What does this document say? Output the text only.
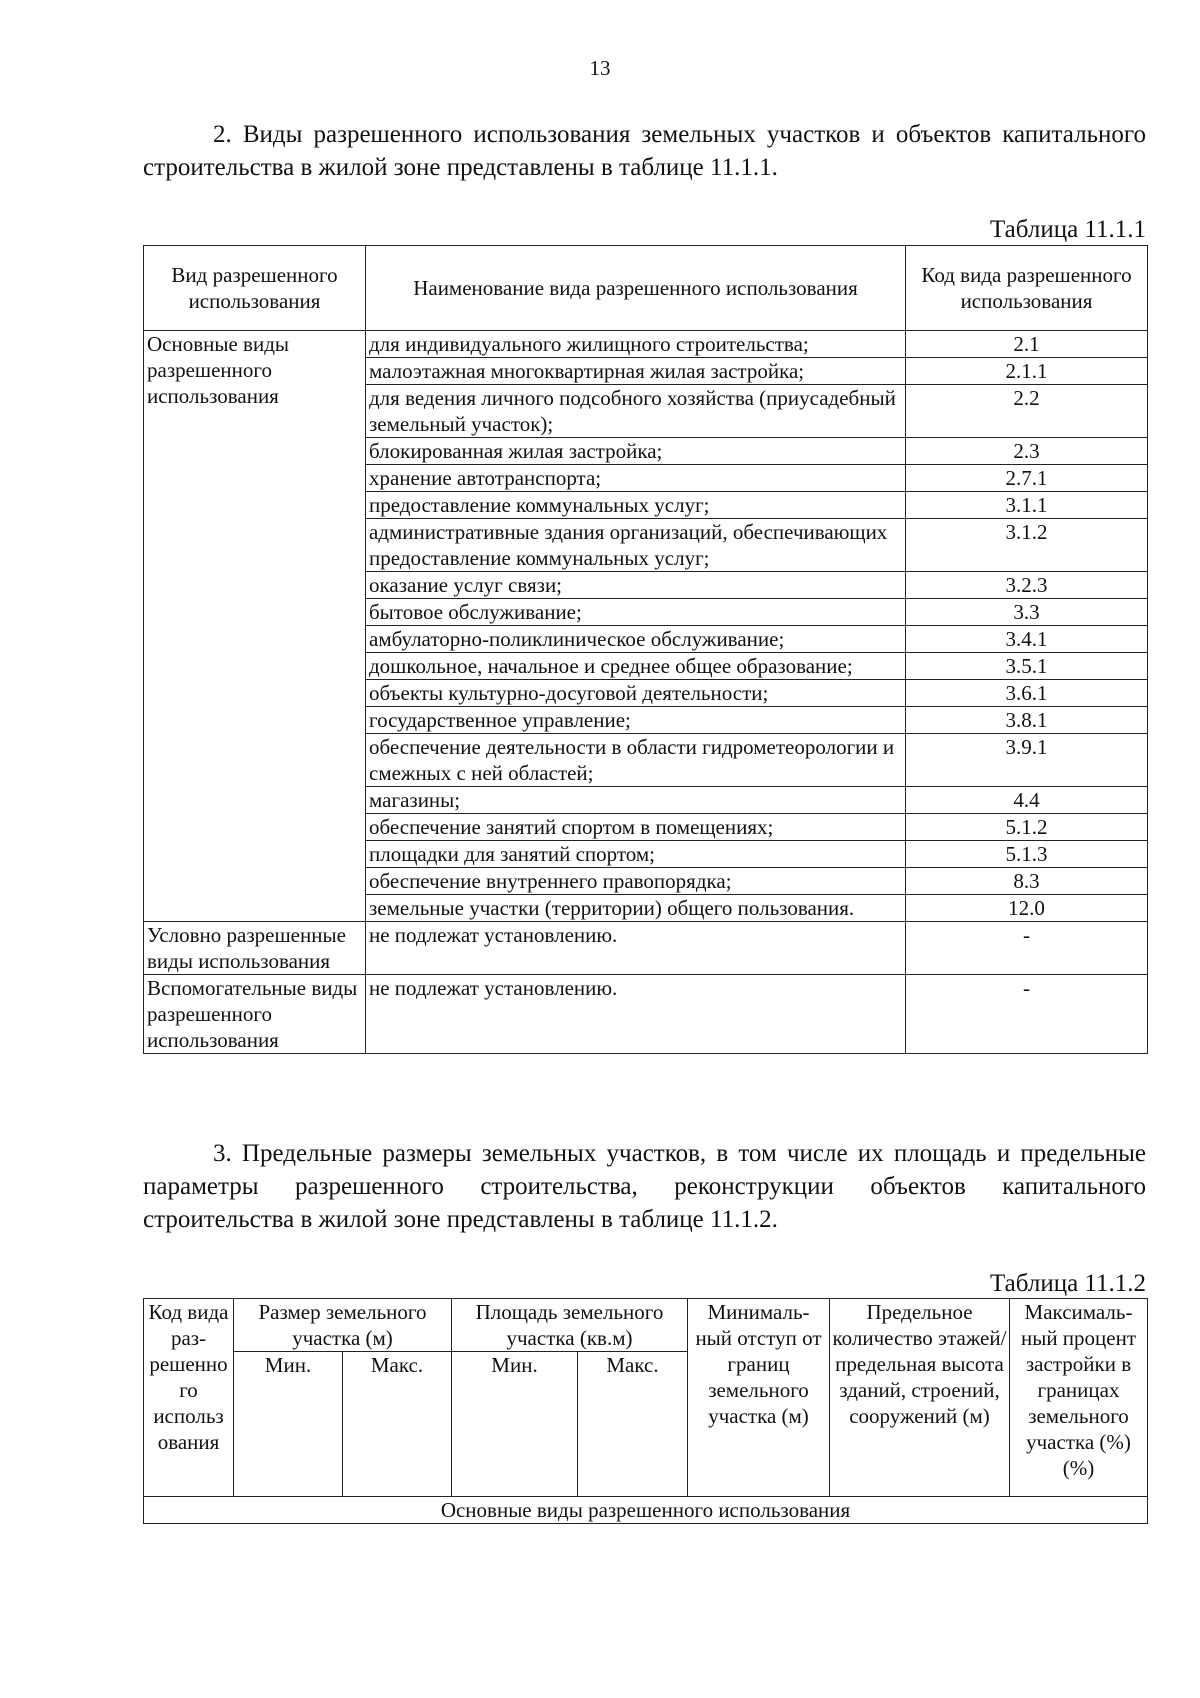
13
2. Виды разрешенного использования земельных участков и объектов капитального строительства в жилой зоне представлены в таблице 11.1.1.
Таблица 11.1.1
Вид разрешенного использования	Наименование вида разрешенного использования	Код вида разрешенного использования
Основные виды разрешенного использования	для индивидуального жилищного строительства;	2.1
	малоэтажная многоквартирная жилая застройка;	2.1.1
	для ведения личного подсобного хозяйства (приусадебный земельный участок);	2.2
	блокированная жилая застройка;	2.3
	хранение автотранспорта;	2.7.1
	предоставление коммунальных услуг;	3.1.1
	административные здания организаций, обеспечивающих предоставление коммунальных услуг;	3.1.2
	оказание услуг связи;	3.2.3
	бытовое обслуживание;	3.3
	амбулаторно-поликлиническое обслуживание;	3.4.1
	дошкольное, начальное и среднее общее образование;	3.5.1
	объекты культурно-досуговой деятельности;	3.6.1
	государственное управление;	3.8.1
	обеспечение деятельности в области гидрометеорологии и смежных с ней областей;	3.9.1
	магазины;	4.4
	обеспечение занятий спортом в помещениях;	5.1.2
	площадки для занятий спортом;	5.1.3
	обеспечение внутреннего правопорядка;	8.3
	земельные участки (территории) общего пользования.	12.0
Условно разрешенные виды использования	не подлежат установлению.	-
Вспомогательные виды разрешенного использования	не подлежат установлению.	-
3. Предельные размеры земельных участков, в том числе их площадь и предельные параметры разрешенного строительства, реконструкции объектов капитального строительства в жилой зоне представлены в таблице 11.1.2.
Таблица 11.1.2
Код вида раз-решенно го использ ования	Размер земельного участка (м)		Площадь земельного участка (кв.м)		Минималь-ный отступ от границ земельного участка (м)	Предельное количество этажей/ предельная высота зданий, строений, сооружений (м)	Максималь-ный процент застройки в границах земельного участка (%) (%)
	Мин.	Макс.	Мин.	Макс.			
Основные виды разрешенного использования							
